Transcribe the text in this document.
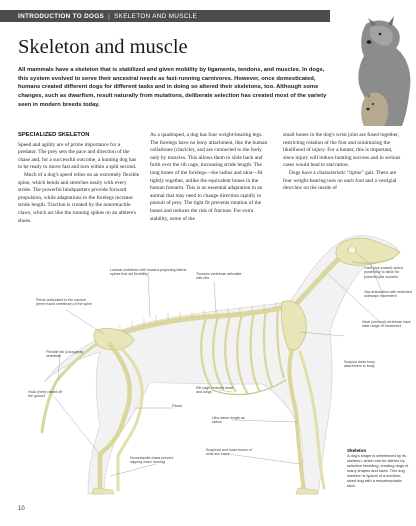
INTRODUCTION TO DOGS | SKELETON AND MUSCLE
Skeleton and muscle

All mammals have a skeleton that is stabilized and given mobility by ligaments, tendons, and muscles. In dogs, this system evolved to serve their ancestral needs as fast-running carnivores. However, once domesticated, humans created different dogs for different tasks and in doing so altered their skeletons, too. Although some changes, such as dwarfism, result naturally from mutations, deliberate selection has created most of the variety seen in modern breeds today.

SPECIALIZED SKELETON

Speed and agility are of prime importance for a predator. The prey sets the pace and direction of the chase and, for a successful outcome, a hunting dog has to be ready to move fast and turn within a split second.

Much of a dog's speed relies on an extremely flexible spine, which bends and stretches easily with every stride. The powerful hindquarters provide forward propulsion, while adaptations to the forelegs increase stride length. Traction is created by the nonretractile claws, which act like the running spikes on an athlete's shoes.

As a quadruped, a dog has four weight-bearing legs. The forelegs have no bony attachment, like the human collarbone (clavicle), and are connected to the body only by muscles. This allows them to slide back and forth over the rib cage, increasing stride length. The long bones of the forelegs—the radius and ulna—fit tightly together, unlike the equivalent bones in the human forearm. This is an essential adaptation in an animal that may need to change direction rapidly in pursuit of prey. The tight fit prevents rotation of the bones and reduces the risk of fracture. For extra stability, some of the

small bones in the dog's wrist joint are fused together, restricting rotation of the foot and minimizing the likelihood of injury. For a hunter, this is important, since injury will reduce hunting success and in serious cases would lead to starvation.

Dogs have a characteristic "tiptoe" gait. There are four weight-bearing toes on each foot and a vestigial dewclaw on the inside of

Lumbar vertebrae with forward-projecting lateral spines that aid flexibility	Thoracic vertebrae articulate with ribs
Pelvis articulated to the sacrum (three fused vertebrae) of the spine
Orbit (eye socket) opens posteriorly to allow for powerful jaw muscles
Jaw articulation with restricted sideways movement
Neck (cervical) vertebrae have wide range of movement
Flexible tail (coccygeal) vertebrae
Hock (heel) raised off the ground
Scapula lacks bony attachment to body
Rib cage protects heart and lungs
Fibula
Ulna same length as radius
Scaphoid and lunar bones of wrist are fused
Nonretractile claws prevent slipping when running
Skeleton
A dog's shape is determined by its skeleton, which can be altered by selective breeding, creating dogs of many shapes and sizes. This dog skeleton is typical of a medium-sized dog with a mesaticephalic skull.
10
